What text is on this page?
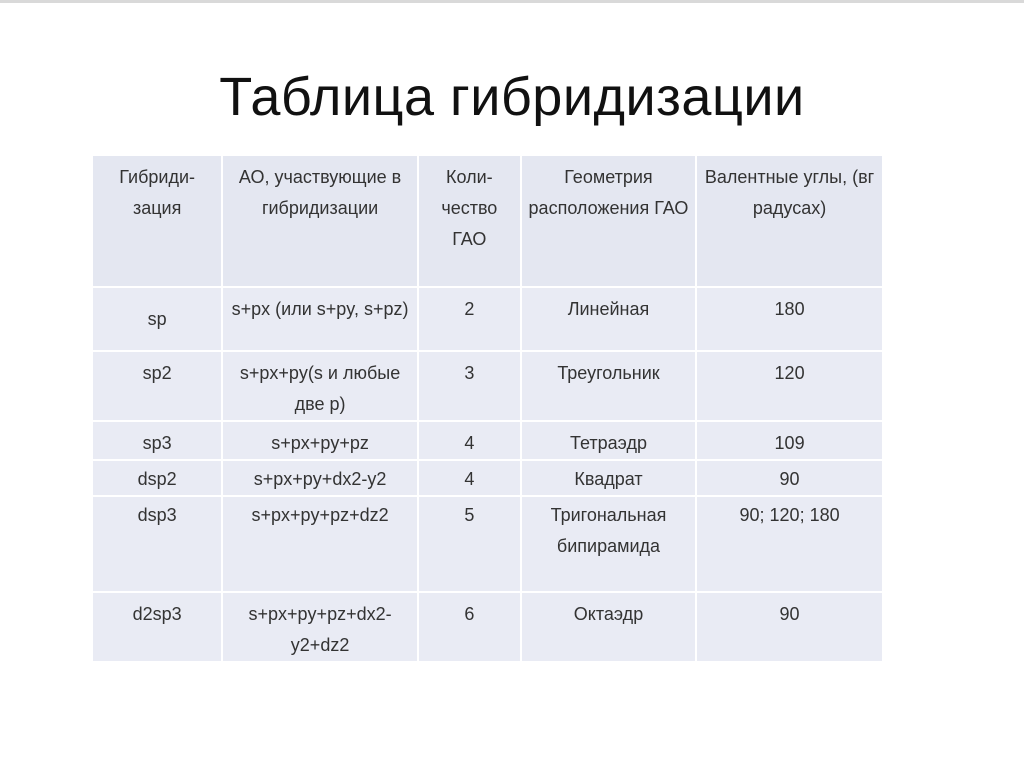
Таблица гибридизации
Гибриди-зация	АО, участвующие в гибридизации	Коли-чество ГАО	Геометрия расположения ГАО	Валентные углы, (вг радусах)
sp	s+px (или s+py, s+pz)	2	Линейная	180
sp2	s+px+py(s и любые две p)	3	Треугольник	120
sp3	s+px+py+pz	4	Тетраэдр	109
dsp2	s+px+py+dx2-y2	4	Квадрат	90
dsp3	s+px+py+pz+dz2	5	Тригональная бипирамида	90; 120; 180
d2sp3	s+px+py+pz+dx2-y2+dz2	6	Октаэдр	90
